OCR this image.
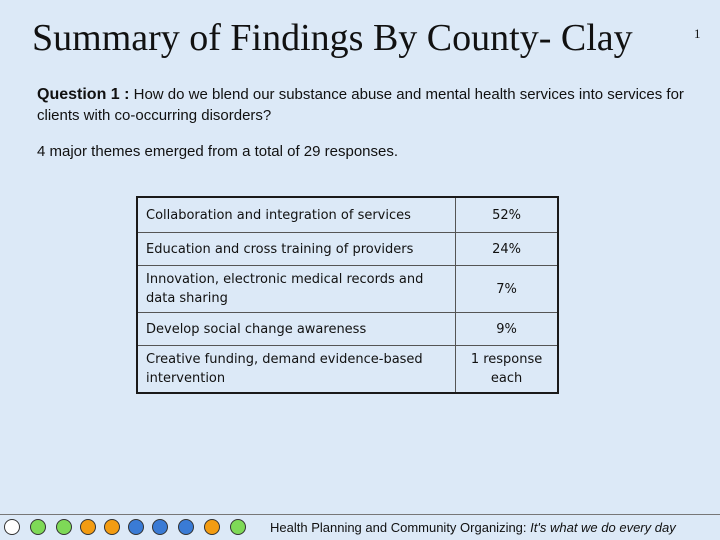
Summary of Findings By County- Clay	1
Question 1 : How do we blend our substance abuse and mental health services into services for clients with co-occurring disorders?
4 major themes emerged from a total of 29 responses.
Collaboration and integration of services	52%
Education and cross training of providers	24%
Innovation, electronic medical records and data sharing	7%
Develop social change awareness	9%
Creative funding, demand evidence-based intervention	1 response each
Health Planning and Community Organizing: It's what we do every day
